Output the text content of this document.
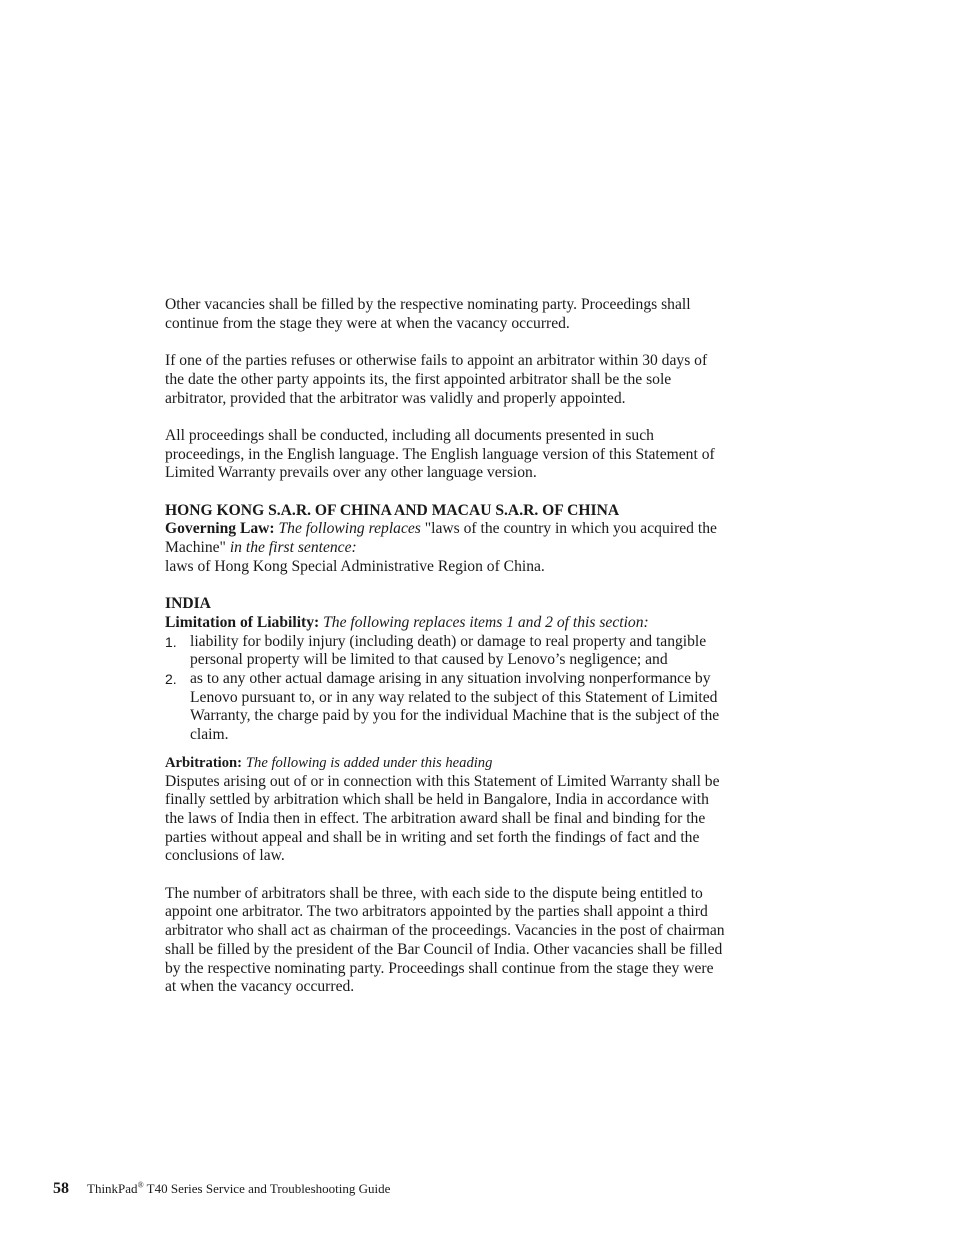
Other vacancies shall be filled by the respective nominating party. Proceedings shall continue from the stage they were at when the vacancy occurred.

If one of the parties refuses or otherwise fails to appoint an arbitrator within 30 days of the date the other party appoints its, the first appointed arbitrator shall be the sole arbitrator, provided that the arbitrator was validly and properly appointed.

All proceedings shall be conducted, including all documents presented in such proceedings, in the English language. The English language version of this Statement of Limited Warranty prevails over any other language version.

HONG KONG S.A.R. OF CHINA AND MACAU S.A.R. OF CHINA

Governing Law: The following replaces "laws of the country in which you acquired the Machine" in the first sentence:

laws of Hong Kong Special Administrative Region of China.

INDIA

Limitation of Liability: The following replaces items 1 and 2 of this section:

1. liability for bodily injury (including death) or damage to real property and tangible personal property will be limited to that caused by Lenovo’s negligence; and
2. as to any other actual damage arising in any situation involving nonperformance by Lenovo pursuant to, or in any way related to the subject of this Statement of Limited Warranty, the charge paid by you for the individual Machine that is the subject of the claim.

Arbitration: The following is added under this heading

Disputes arising out of or in connection with this Statement of Limited Warranty shall be finally settled by arbitration which shall be held in Bangalore, India in accordance with the laws of India then in effect. The arbitration award shall be final and binding for the parties without appeal and shall be in writing and set forth the findings of fact and the conclusions of law.

The number of arbitrators shall be three, with each side to the dispute being entitled to appoint one arbitrator. The two arbitrators appointed by the parties shall appoint a third arbitrator who shall act as chairman of the proceedings. Vacancies in the post of chairman shall be filled by the president of the Bar Council of India. Other vacancies shall be filled by the respective nominating party. Proceedings shall continue from the stage they were at when the vacancy occurred.

58 ThinkPad® T40 Series Service and Troubleshooting Guide
